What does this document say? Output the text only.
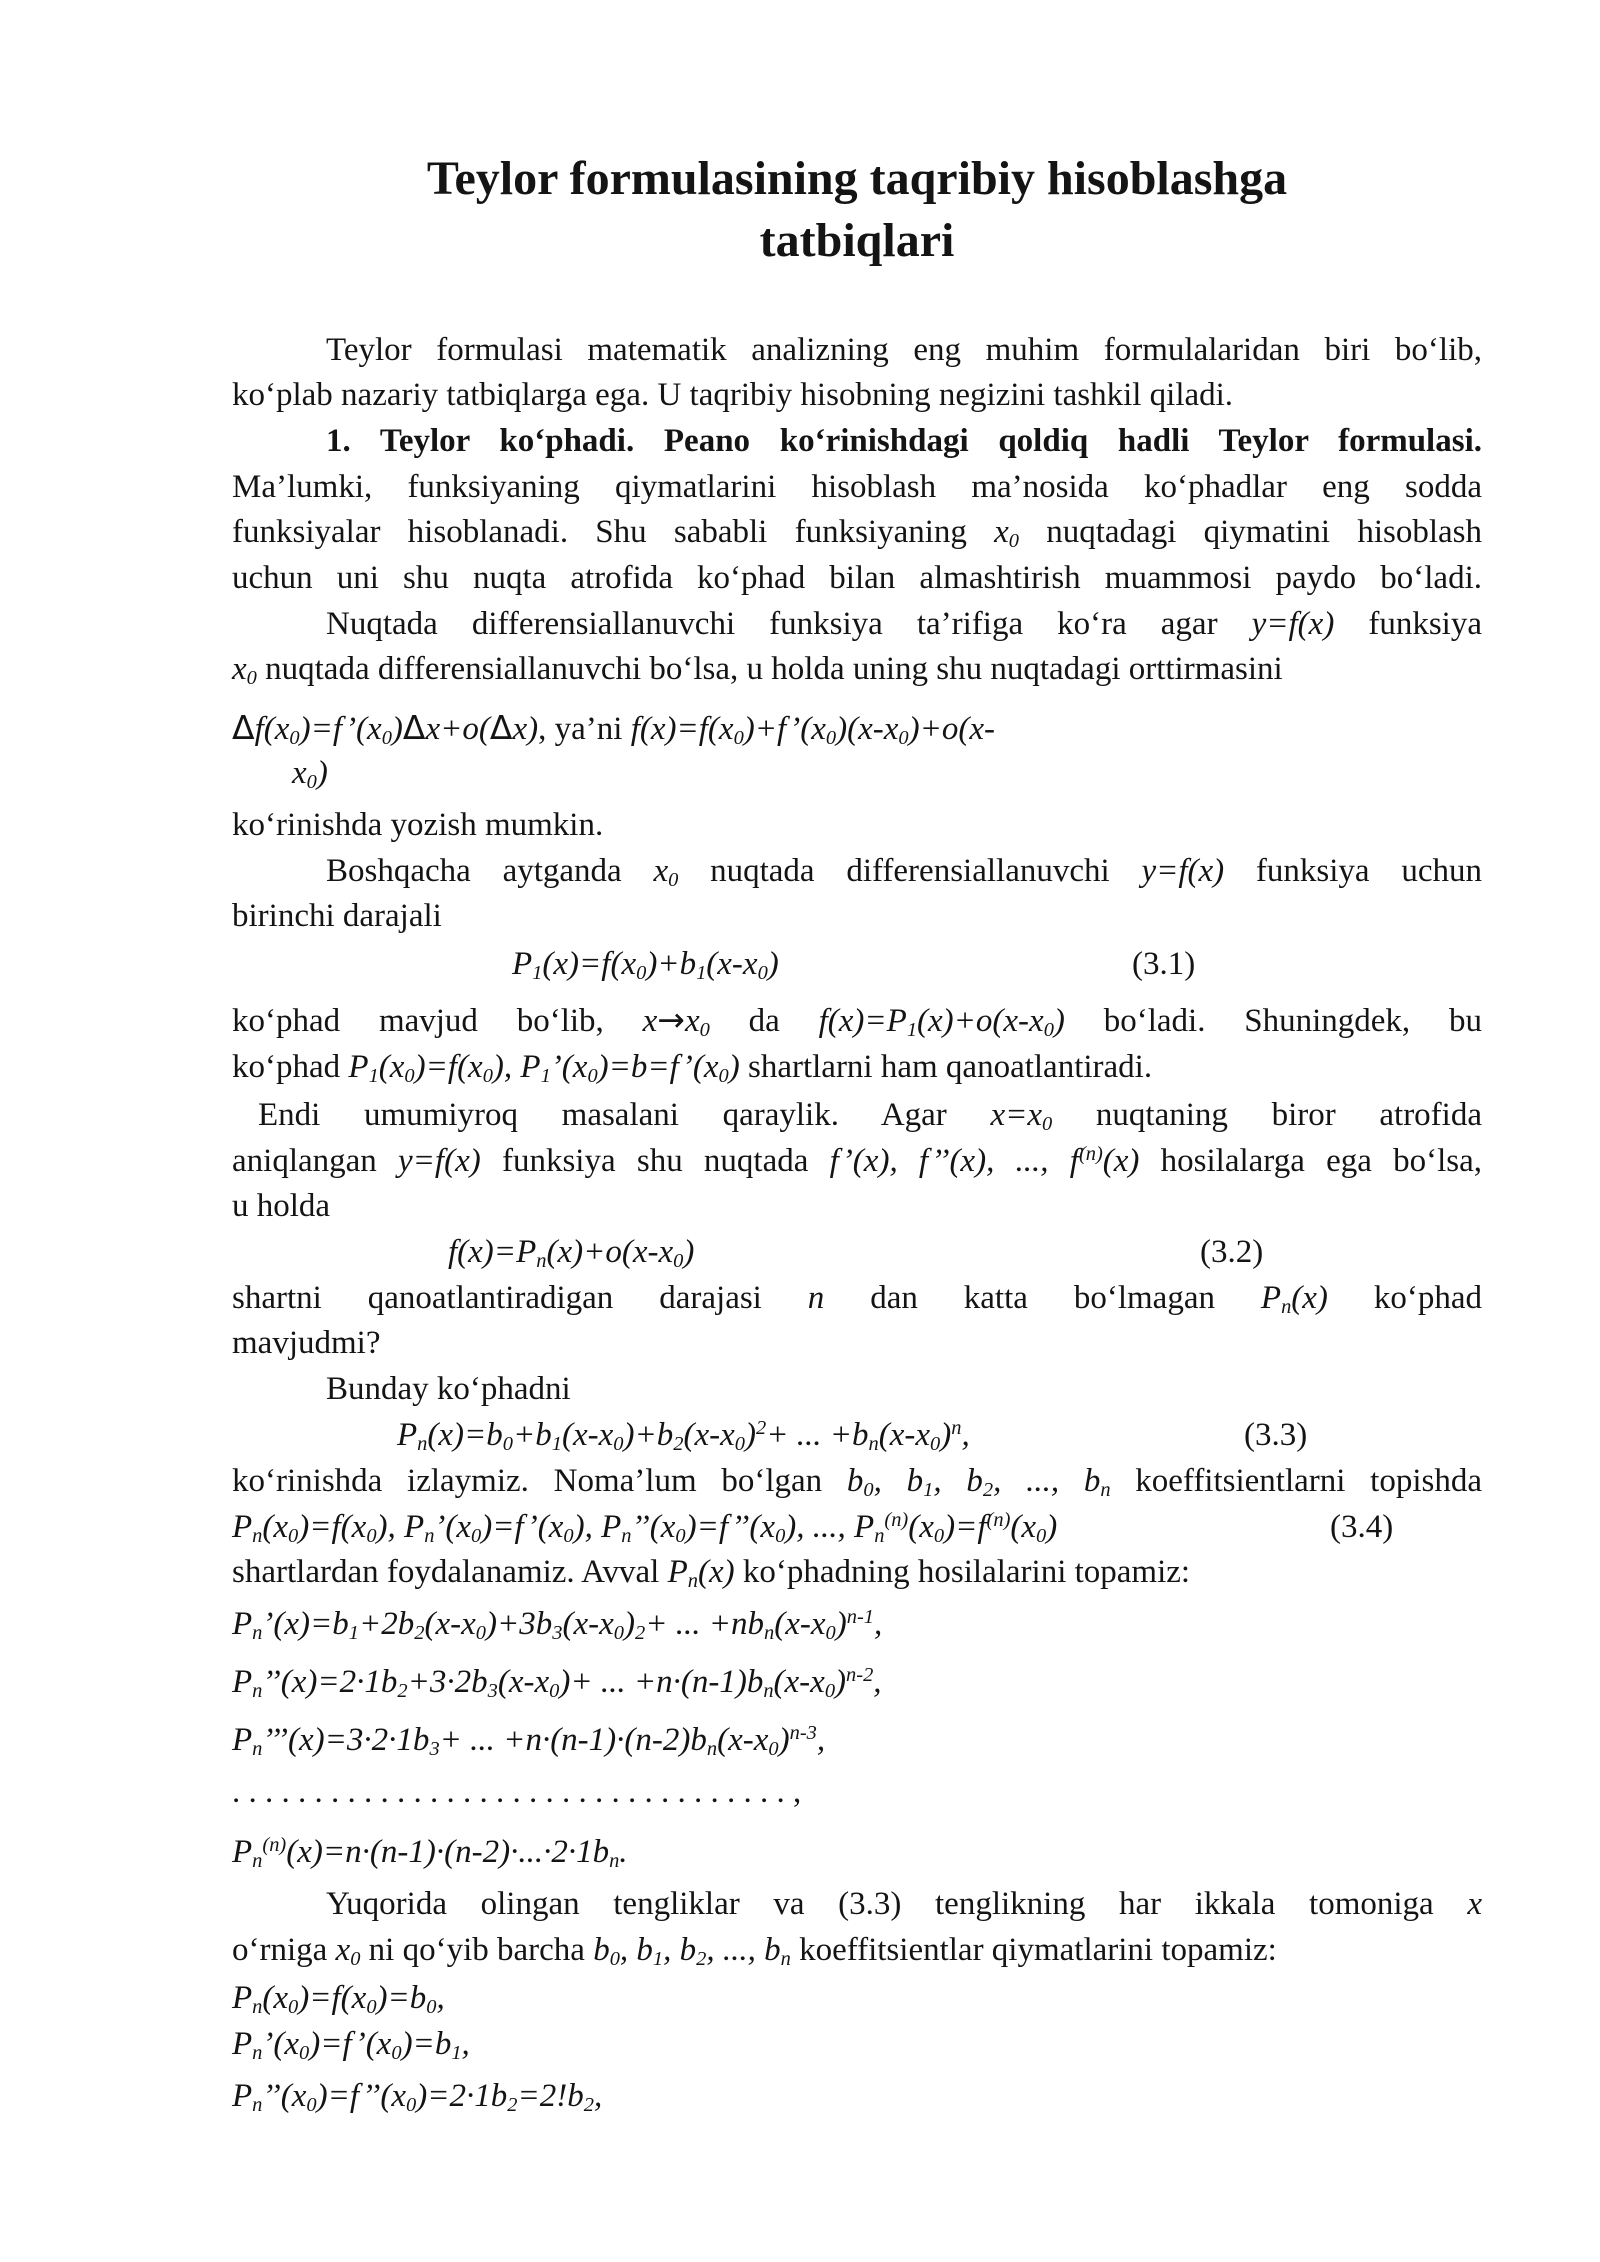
Teylor formulasining taqribiy hisoblashga
tatbiqlari
Teylor formulasi matematik analizning eng muhim formulalaridan biri bo‘lib,
ko‘plab nazariy tatbiqlarga ega. U taqribiy hisobning negizini tashkil qiladi.
1. Teylor ko‘phadi. Peano ko‘rinishdagi qoldiq hadli Teylor formulasi.
Ma’lumki, funksiyaning qiymatlarini hisoblash ma’nosida ko‘phadlar eng sodda
funksiyalar hisoblanadi. Shu sababli funksiyaning $x_0$ nuqtadagi qiymatini hisoblash
uchun uni shu nuqta atrofida ko‘phad bilan almashtirish muammosi paydo bo‘ladi.
Nuqtada differensiallanuvchi funksiya ta’rifiga ko‘ra agar y=f(x) funksiya
$x_0$ nuqtada differensiallanuvchi bo‘lsa, u holda uning shu nuqtadagi orttirmasini
$\Delta f(x_0)=f’(x_0)\Delta x+o(\Delta x)$, ya’ni $f(x)=f(x_0)+f’(x_0)(x-x_0)+o(x-$
$x_0$)
ko‘rinishda yozish mumkin.
Boshqacha aytganda $x_0$ nuqtada differensiallanuvchi y=f(x) funksiya uchun
birinchi darajali
$P_1(x)=f(x_0)+b_1(x-x_0)$	(3.1)
ko‘phad mavjud bo‘lib, $x\to x_0$ da $f(x)=P_1(x)+o(x-x_0)$ bo‘ladi. Shuningdek, bu
ko‘phad $P_1(x_0)=f(x_0)$, $P_1’(x_0)=b=f’(x_0)$ shartlarni ham qanoatlantiradi.
Endi umumiyroq masalani qaraylik. Agar $x=x_0$ nuqtaning biror atrofida
aniqlangan y=f(x) funksiya shu nuqtada f’(x), f’’(x), ..., $f^{(n)}(x)$ hosilalarga ega bo‘lsa,
u holda
$f(x)=P_n(x)+o(x-x_0)$	(3.2)
shartni qanoatlantiradigan darajasi n dan katta bo‘lmagan $P_n(x)$ ko‘phad
mavjudmi?
Bunday ko‘phadni
$P_n(x)=b_0+b_1(x-x_0)+b_2(x-x_0)^2+$ ... $+b_n(x-x_0)^n$,	(3.3)
ko‘rinishda izlaymiz. Noma’lum bo‘lgan $b_0$, $b_1$, $b_2$, ..., $b_n$ koeffitsientlarni topishda
$P_n(x_0)=f(x_0)$, $P_n’(x_0)=f’(x_0)$, $P_n’’(x_0)=f’’(x_0)$, ..., $P_n^{(n)}(x_0)=f^{(n)}(x_0)$	(3.4)
shartlardan foydalanamiz. Avval $P_n(x)$ ko‘phadning hosilalarini topamiz:
$P_n’(x)=b_1+2b_2(x-x_0)+3b_3(x-x_0)_2+$ ... $+nb_n(x-x_0)^{n-1}$,
$P_n’’(x)=2\cdot 1b_2+3\cdot 2b_3(x-x_0)+$ ... $+n\cdot(n-1)b_n(x-x_0)^{n-2}$,
$P_n’’’(x)=3\cdot 2\cdot 1b_3+$ ... $+n\cdot(n-1)\cdot(n-2)b_n(x-x_0)^{n-3}$,
. . . . . . . . . . . . . . . . . . . . . . . . . . . . . . . . . . ,
$P_n^{(n)}(x)=n\cdot(n-1)\cdot(n-2)\cdot...\cdot 2\cdot 1b_n$.
Yuqorida olingan tengliklar va (3.3) tenglikning har ikkala tomoniga x
o‘rniga $x_0$ ni qo‘yib barcha $b_0$, $b_1$, $b_2$, ..., $b_n$ koeffitsientlar qiymatlarini topamiz:
$P_n(x_0)=f(x_0)=b_0$,
$P_n’(x_0)=f’(x_0)=b_1$,
$P_n’’(x_0)=f’’(x_0)=2\cdot 1b_2=2!b_2$,
